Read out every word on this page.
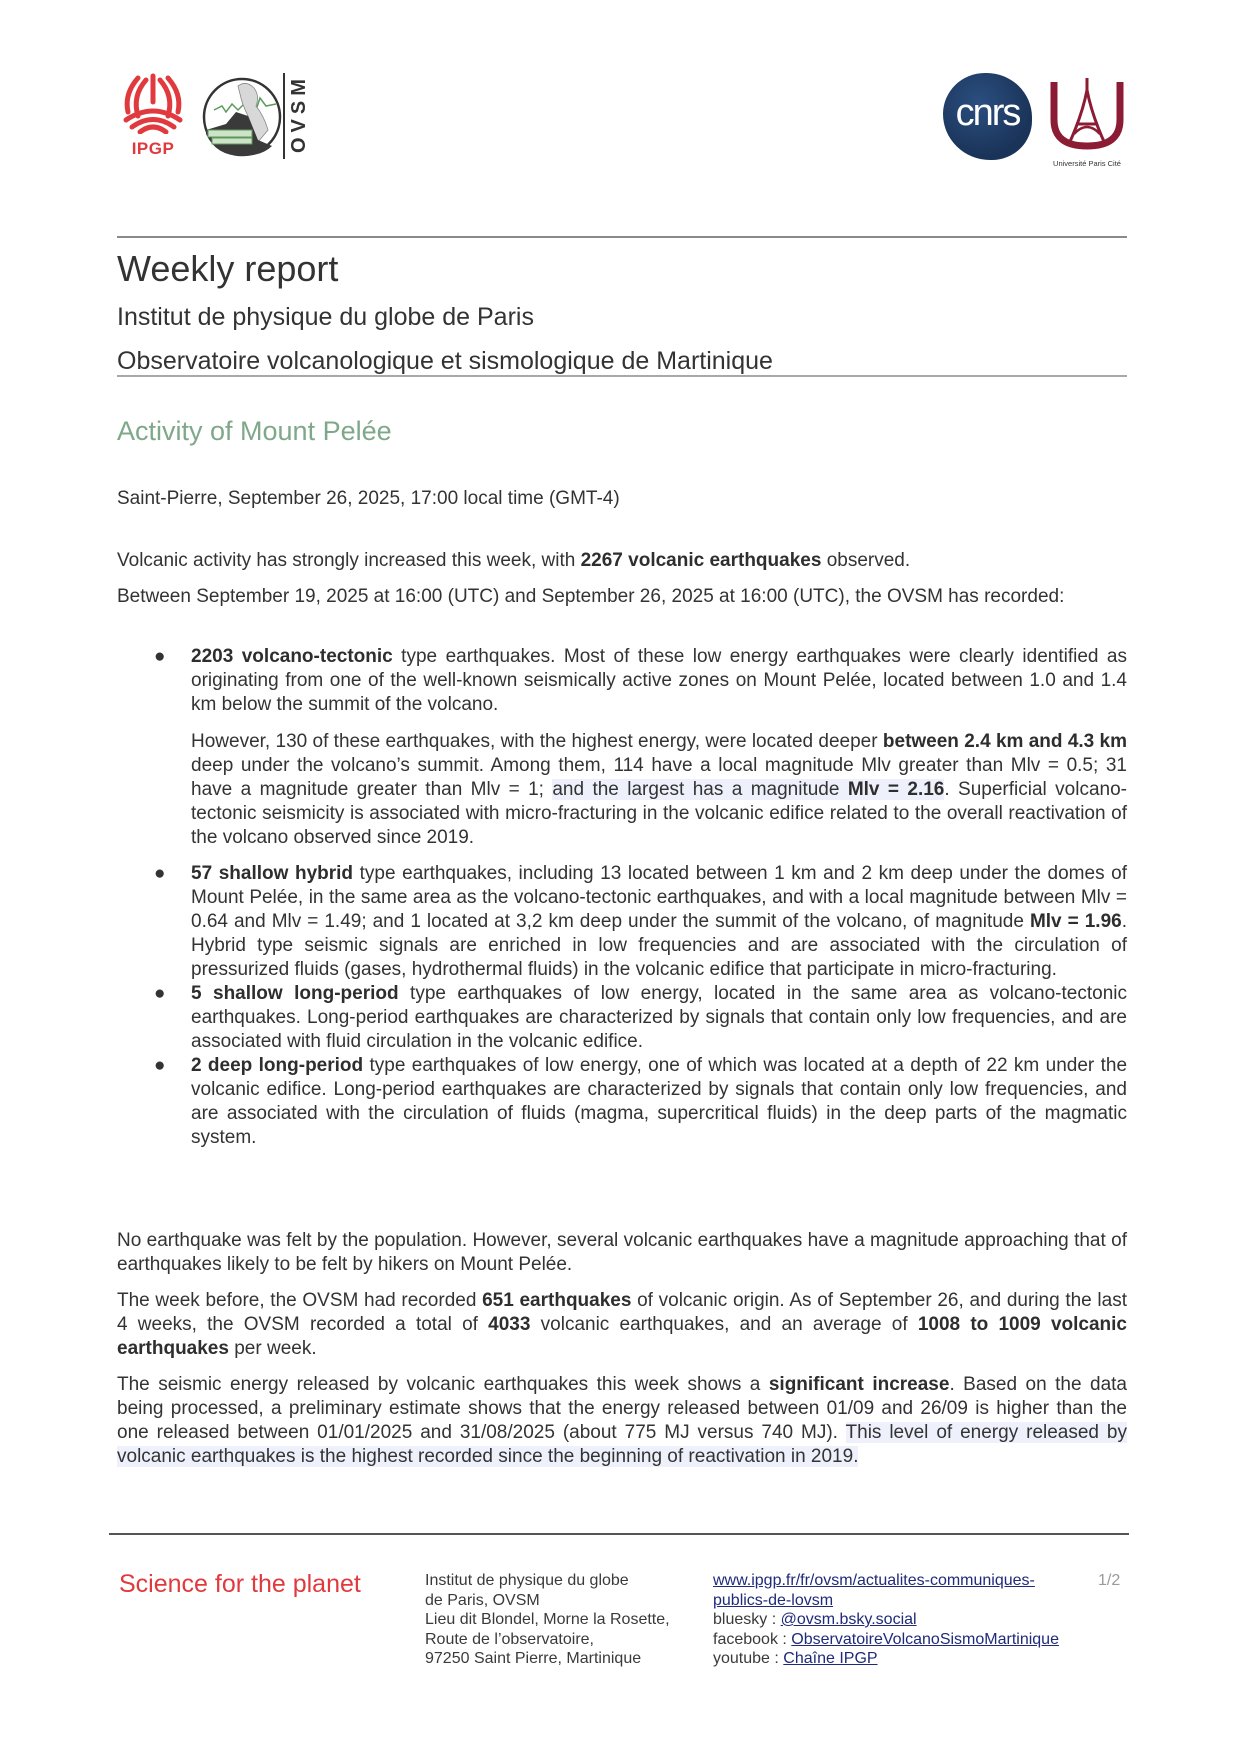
IPGP	OVSM	cnrs
Université Paris Cité
Weekly report
Institut de physique du globe de Paris
Observatoire volcanologique et sismologique de Martinique
Activity of Mount Pelée

Saint-Pierre, September 26, 2025, 17:00 local time (GMT-4)

Volcanic activity has strongly increased this week, with 2267 volcanic earthquakes observed.

Between September 19, 2025 at 16:00 (UTC) and September 26, 2025 at 16:00 (UTC), the OVSM has recorded:

● 2203 volcano-tectonic type earthquakes. Most of these low energy earthquakes were clearly identified as originating from one of the well-known seismically active zones on Mount Pelée, located between 1.0 and 1.4 km below the summit of the volcano.

However, 130 of these earthquakes, with the highest energy, were located deeper between 2.4 km and 4.3 km deep under the volcano’s summit. Among them, 114 have a local magnitude Mlv greater than Mlv = 0.5; 31 have a magnitude greater than Mlv = 1; and the largest has a magnitude Mlv = 2.16. Superficial volcano-tectonic seismicity is associated with micro-fracturing in the volcanic edifice related to the overall reactivation of the volcano observed since 2019.

● 57 shallow hybrid type earthquakes, including 13 located between 1 km and 2 km deep under the domes of Mount Pelée, in the same area as the volcano-tectonic earthquakes, and with a local magnitude between Mlv = 0.64 and Mlv = 1.49; and 1 located at 3,2 km deep under the summit of the volcano, of magnitude Mlv = 1.96. Hybrid type seismic signals are enriched in low frequencies and are associated with the circulation of pressurized fluids (gases, hydrothermal fluids) in the volcanic edifice that participate in micro-fracturing.

● 5 shallow long-period type earthquakes of low energy, located in the same area as volcano-tectonic earthquakes. Long-period earthquakes are characterized by signals that contain only low frequencies, and are associated with fluid circulation in the volcanic edifice.

● 2 deep long-period type earthquakes of low energy, one of which was located at a depth of 22 km under the volcanic edifice. Long-period earthquakes are characterized by signals that contain only low frequencies, and are associated with the circulation of fluids (magma, supercritical fluids) in the deep parts of the magmatic system.

No earthquake was felt by the population. However, several volcanic earthquakes have a magnitude approaching that of earthquakes likely to be felt by hikers on Mount Pelée.

The week before, the OVSM had recorded 651 earthquakes of volcanic origin. As of September 26, and during the last 4 weeks, the OVSM recorded a total of 4033 volcanic earthquakes, and an average of 1008 to 1009 volcanic earthquakes per week.

The seismic energy released by volcanic earthquakes this week shows a significant increase. Based on the data being processed, a preliminary estimate shows that the energy released between 01/09 and 26/09 is higher than the one released between 01/01/2025 and 31/08/2025 (about 775 MJ versus 740 MJ). This level of energy released by volcanic earthquakes is the highest recorded since the beginning of reactivation in 2019.

Science for the planet	Institut de physique du globe
de Paris, OVSM
Lieu dit Blondel, Morne la Rosette,
Route de l’observatoire,
97250 Saint Pierre, Martinique
www.ipgp.fr/fr/ovsm/actualites-communiques-
publics-de-lovsm
bluesky : @ovsm.bsky.social
facebook : ObservatoireVolcanoSismoMartinique
youtube : Chaîne IPGP
1/2
